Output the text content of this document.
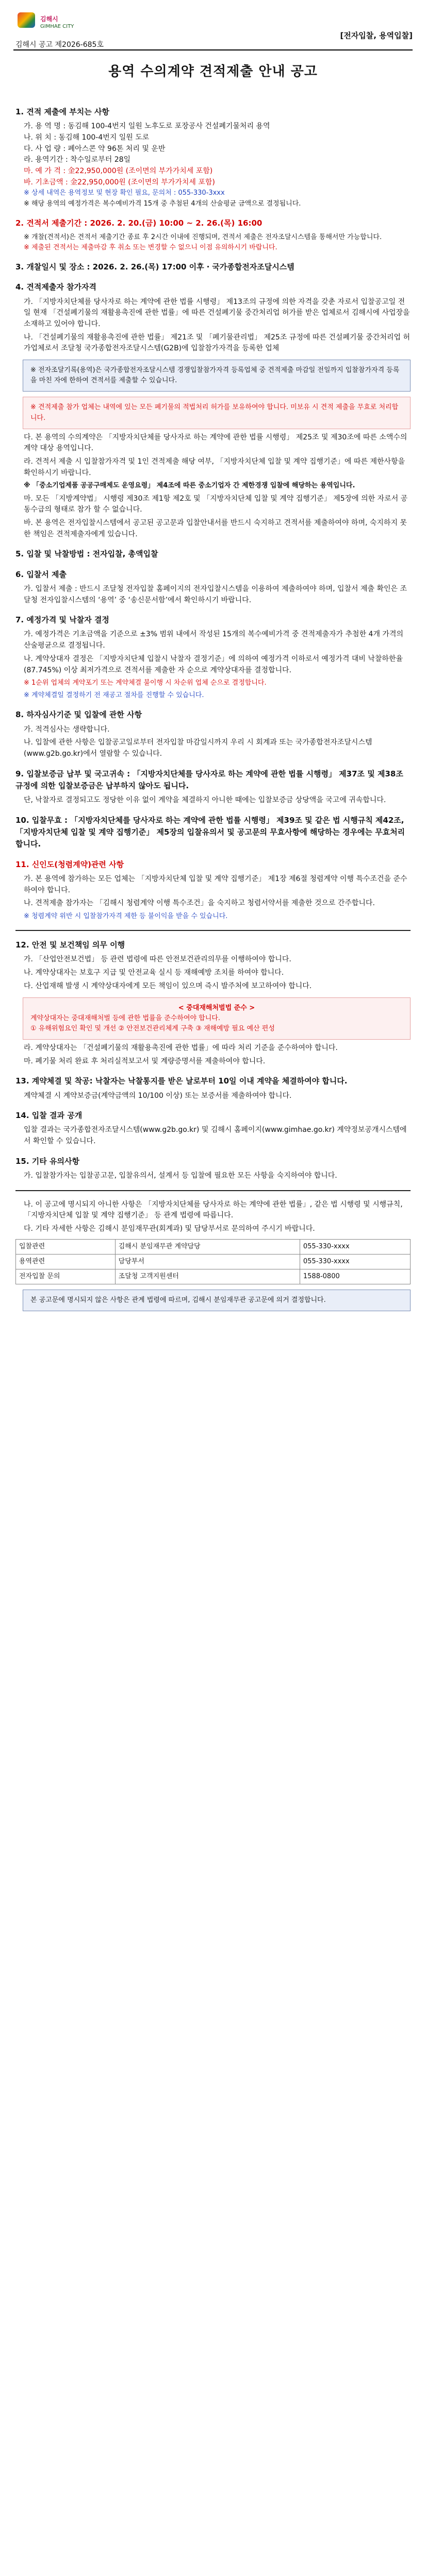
김해시
GIMHAE CITY
김해시 공고 제2026-685호
[전자입찰, 용역입찰]
용역 수의계약 견적제출 안내 공고
1. 견적 제출에 부치는 사항
가. 용 역 명 : 동김해 100-4번지 일원 노후도로 포장공사 건설폐기물처리 용역
나. 위 치 : 동김해 100-4번지 일원 도로
다. 사 업 량 : 폐아스콘 약 96톤 처리 및 운반
라. 용역기간 : 착수일로부터 28일
마. 예 가 격 : 金22,950,000원 (조이면의 부가가치세 포함)
바. 기초금액 : 金22,950,000원 (조이면의 부가가치세 포함)
※ 상세 내역은 용역정보 및 현장 확인 필요, 문의처 : 055-330-3xxx
※ 해당 용역의 예정가격은 복수예비가격 15개 중 추첨된 4개의 산술평균 금액으로 결정됩니다.
2. 견적서 제출기간 : 2026. 2. 20.(금) 10:00 ~ 2. 26.(목) 16:00
※ 개찰(견적서)은 견적서 제출기간 종료 후 2시간 이내에 진행되며, 견적서 제출은 전자조달시스템을 통해서만 가능합니다.
※ 제출된 견적서는 제출마감 후 취소 또는 변경할 수 없으니 이점 유의하시기 바랍니다.
3. 개찰일시 및 장소 : 2026. 2. 26.(목) 17:00 이후 ‧ 국가종합전자조달시스템
4. 견적제출자 참가자격
가. 「지방자치단체를 당사자로 하는 계약에 관한 법률 시행령」 제13조의 규정에 의한 자격을 갖춘 자로서 입찰공고일 전일 현재 「건설폐기물의 재활용촉진에 관한 법률」에 따른 건설폐기물 중간처리업 허가를 받은 업체로서 김해시에 사업장을 소재하고 있어야 합니다.
나. 「건설폐기물의 재활용촉진에 관한 법률」 제21조 및 「폐기물관리법」 제25조 규정에 따른 건설폐기물 중간처리업 허가업체로서 조달청 국가종합전자조달시스템(G2B)에 입찰참가자격을 등록한 업체
※ 전자조달기록(용역)은 국가종합전자조달시스템 경쟁입찰참가자격 등록업체 중 견적제출 마감일 전일까지 입찰참가자격 등록을 마친 자에 한하여 견적서를 제출할 수 있습니다.
※ 견적제출 참가 업체는 내역에 있는 모든 폐기물의 적법처리 허가를 보유하여야 합니다. 미보유 시 견적 제출을 무효로 처리합니다.
다. 본 용역의 수의계약은 「지방자치단체를 당사자로 하는 계약에 관한 법률 시행령」 제25조 및 제30조에 따른 소액수의계약 대상 용역입니다.
라. 견적서 제출 시 입찰참가자격 및 1인 견적제출 해당 여부, 「지방자치단체 입찰 및 계약 집행기준」에 따른 제한사항을 확인하시기 바랍니다.
※ 「중소기업제품 공공구매제도 운영요령」 제4조에 따른 중소기업자 간 제한경쟁 입찰에 해당하는 용역입니다.
마. 모든 「지방계약법」 시행령 제30조 제1항 제2호 및 「지방자치단체 입찰 및 계약 집행기준」 제5장에 의한 자로서 공동수급의 형태로 참가 할 수 없습니다.
바. 본 용역은 전자입찰시스템에서 공고된 공고문과 입찰안내서를 반드시 숙지하고 견적서를 제출하여야 하며, 숙지하지 못한 책임은 견적제출자에게 있습니다.
5. 입찰 및 낙찰방법 : 전자입찰, 총액입찰
6. 입찰서 제출
가. 입찰서 제출 : 반드시 조달청 전자입찰 홈페이지의 전자입찰시스템을 이용하여 제출하여야 하며, 입찰서 제출 확인은 조달청 전자입찰시스템의 ‘용역’ 중 ‘송신문서함’에서 확인하시기 바랍니다.
7. 예정가격 및 낙찰자 결정
가. 예정가격은 기초금액을 기준으로 ±3% 범위 내에서 작성된 15개의 복수예비가격 중 견적제출자가 추첨한 4개 가격의 산술평균으로 결정됩니다.
나. 계약상대자 결정은 「지방자치단체 입찰시 낙찰자 결정기준」에 의하여 예정가격 이하로서 예정가격 대비 낙찰하한율(87.745%) 이상 최저가격으로 견적서를 제출한 자 순으로 계약상대자를 결정합니다.
※ 1순위 업체의 계약포기 또는 계약체결 불이행 시 차순위 업체 순으로 결정합니다.
※ 계약체결일 결정하기 전 재공고 절차를 진행할 수 있습니다.
8. 하자심사기준 및 입찰에 관한 사항
가. 적격심사는 생략합니다.
나. 입찰에 관한 사항은 입찰공고일로부터 전자입찰 마감일시까지 우리 시 회계과 또는 국가종합전자조달시스템(www.g2b.go.kr)에서 열람할 수 있습니다.
9. 입찰보증금 납부 및 국고귀속 : 「지방자치단체를 당사자로 하는 계약에 관한 법률 시행령」 제37조 및 제38조 규정에 의한 입찰보증금은 납부하지 않아도 됩니다.
단, 낙찰자로 결정되고도 정당한 이유 없이 계약을 체결하지 아니한 때에는 입찰보증금 상당액을 국고에 귀속합니다.
10. 입찰무효 : 「지방자치단체를 당사자로 하는 계약에 관한 법률 시행령」 제39조 및 같은 법 시행규칙 제42조, 「지방자치단체 입찰 및 계약 집행기준」 제5장의 입찰유의서 및 공고문의 무효사항에 해당하는 경우에는 무효처리합니다.
11. 신인도(청렴계약)관련 사항
가. 본 용역에 참가하는 모든 업체는 「지방자치단체 입찰 및 계약 집행기준」 제1장 제6절 청렴계약 이행 특수조건을 준수하여야 합니다.
나. 견적제출 참가자는 「김해시 청렴계약 이행 특수조건」을 숙지하고 청렴서약서를 제출한 것으로 간주합니다.
※ 청렴계약 위반 시 입찰참가자격 제한 등 불이익을 받을 수 있습니다.
12. 안전 및 보건책임 의무 이행
가. 「산업안전보건법」 등 관련 법령에 따른 안전보건관리의무를 이행하여야 합니다.
나. 계약상대자는 보호구 지급 및 안전교육 실시 등 재해예방 조치를 하여야 합니다.
다. 산업재해 발생 시 계약상대자에게 모든 책임이 있으며 즉시 발주처에 보고하여야 합니다.
< 중대재해처벌법 준수 >
계약상대자는 중대재해처벌 등에 관한 법률을 준수하여야 합니다.
① 유해위험요인 확인 및 개선 ② 안전보건관리체계 구축 ③ 재해예방 필요 예산 편성
라. 계약상대자는 「건설폐기물의 재활용촉진에 관한 법률」에 따라 처리 기준을 준수하여야 합니다.
마. 폐기물 처리 완료 후 처리실적보고서 및 계량증명서를 제출하여야 합니다.
13. 계약체결 및 착공: 낙찰자는 낙찰통지를 받은 날로부터 10일 이내 계약을 체결하여야 합니다.
계약체결 시 계약보증금(계약금액의 10/100 이상) 또는 보증서를 제출하여야 합니다.
14. 입찰 결과 공개
입찰 결과는 국가종합전자조달시스템(www.g2b.go.kr) 및 김해시 홈페이지(www.gimhae.go.kr) 계약정보공개시스템에서 확인할 수 있습니다.
15. 기타 유의사항
가. 입찰참가자는 입찰공고문, 입찰유의서, 설계서 등 입찰에 필요한 모든 사항을 숙지하여야 합니다.
나. 이 공고에 명시되지 아니한 사항은 「지방자치단체를 당사자로 하는 계약에 관한 법률」, 같은 법 시행령 및 시행규칙, 「지방자치단체 입찰 및 계약 집행기준」 등 관계 법령에 따릅니다.
다. 기타 자세한 사항은 김해시 분임재무관(회계과) 및 담당부서로 문의하여 주시기 바랍니다.
입찰관련	김해시 분임재무관 계약담당	055-330-xxxx
용역관련	담당부서	055-330-xxxx
전자입찰 문의	조달청 고객지원센터	1588-0800
본 공고문에 명시되지 않은 사항은 관계 법령에 따르며, 김해시 분임재무관 공고문에 의거 결정합니다.
